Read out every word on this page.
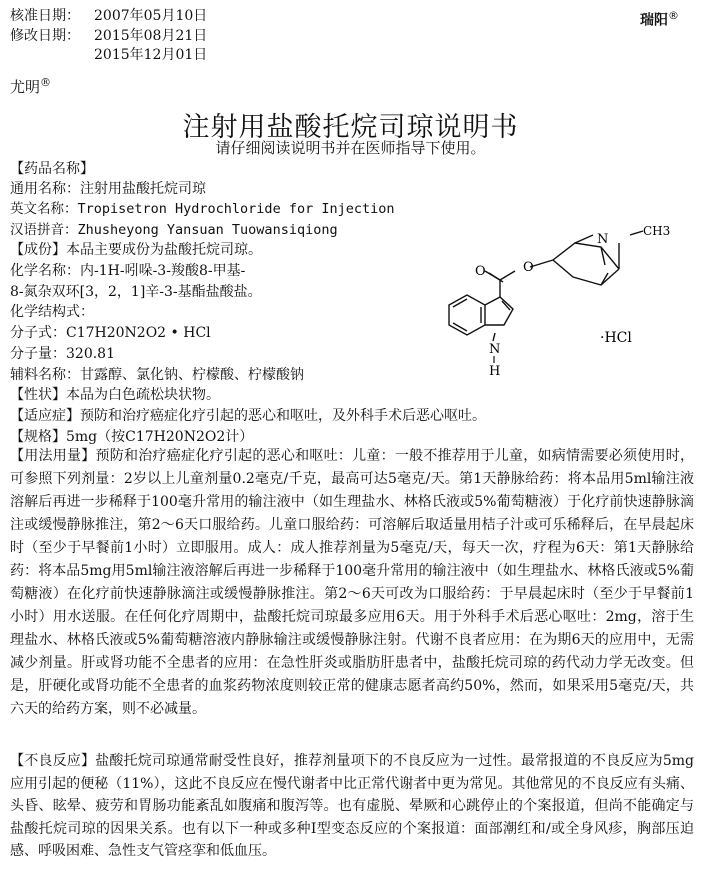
核准日期： 2007年05月10日
修改日期： 2015年08月21日
2015年12月01日
瑞阳®
尤明®
注射用盐酸托烷司琼说明书
请仔细阅读说明书并在医师指导下使用。
【药品名称】
通用名称：注射用盐酸托烷司琼
英文名称：Tropisetron Hydrochloride for Injection
汉语拼音：Zhusheyong Yansuan Tuowansiqiong
【成份】本品主要成份为盐酸托烷司琼。
化学名称：内-1H-吲哚-3-羧酸8-甲基-
8-氮杂双环[3，2，1]辛-3-基酯盐酸盐。
化学结构式：
分子式：C17H20N2O2 • HCl
分子量：320.81
辅料名称：甘露醇、氯化钠、柠檬酸、柠檬酸钠
【性状】本品为白色疏松块状物。
【适应症】预防和治疗癌症化疗引起的恶心和呕吐，及外科手术后恶心呕吐。
【规格】5mg（按C17H20N2O2计）
O
O
N
CH3
N
H
·HCl
【用法用量】预防和治疗癌症化疗引起的恶心和呕吐：儿童：一般不推荐用于儿童，如病情需要必须使用时，可参照下列剂量：2岁以上儿童剂量0.2毫克/千克，最高可达5毫克/天。第1天静脉给药：将本品用5ml输注液溶解后再进一步稀释于100毫升常用的输注液中（如生理盐水、林格氏液或5%葡萄糖液）于化疗前快速静脉滴注或缓慢静脉推注，第2～6天口服给药。儿童口服给药：可溶解后取适量用桔子汁或可乐稀释后，在早晨起床时（至少于早餐前1小时）立即服用。成人：成人推荐剂量为5毫克/天，每天一次，疗程为6天：第1天静脉给药：将本品5mg用5ml输注液溶解后再进一步稀释于100毫升常用的输注液中（如生理盐水、林格氏液或5%葡萄糖液）在化疗前快速静脉滴注或缓慢静脉推注。第2～6天可改为口服给药：于早晨起床时（至少于早餐前1小时）用水送服。在任何化疗周期中，盐酸托烷司琼最多应用6天。用于外科手术后恶心呕吐：2mg，溶于生理盐水、林格氏液或5%葡萄糖溶液内静脉输注或缓慢静脉注射。代谢不良者应用：在为期6天的应用中，无需减少剂量。肝或肾功能不全患者的应用：在急性肝炎或脂肪肝患者中，盐酸托烷司琼的药代动力学无改变。但是，肝硬化或肾功能不全患者的血浆药物浓度则较正常的健康志愿者高约50%，然而，如果采用5毫克/天，共六天的给药方案，则不必减量。
【不良反应】盐酸托烷司琼通常耐受性良好，推荐剂量项下的不良反应为一过性。最常报道的不良反应为5mg应用引起的便秘（11%），这此不良反应在慢代谢者中比正常代谢者中更为常见。其他常见的不良反应有头痛、头昏、眩晕、疲劳和胃肠功能紊乱如腹痛和腹泻等。也有虚脱、晕厥和心跳停止的个案报道，但尚不能确定与盐酸托烷司琼的因果关系。也有以下一种或多种Ⅰ型变态反应的个案报道：面部潮红和/或全身风疹，胸部压迫感、呼吸困难、急性支气管痉挛和低血压。
